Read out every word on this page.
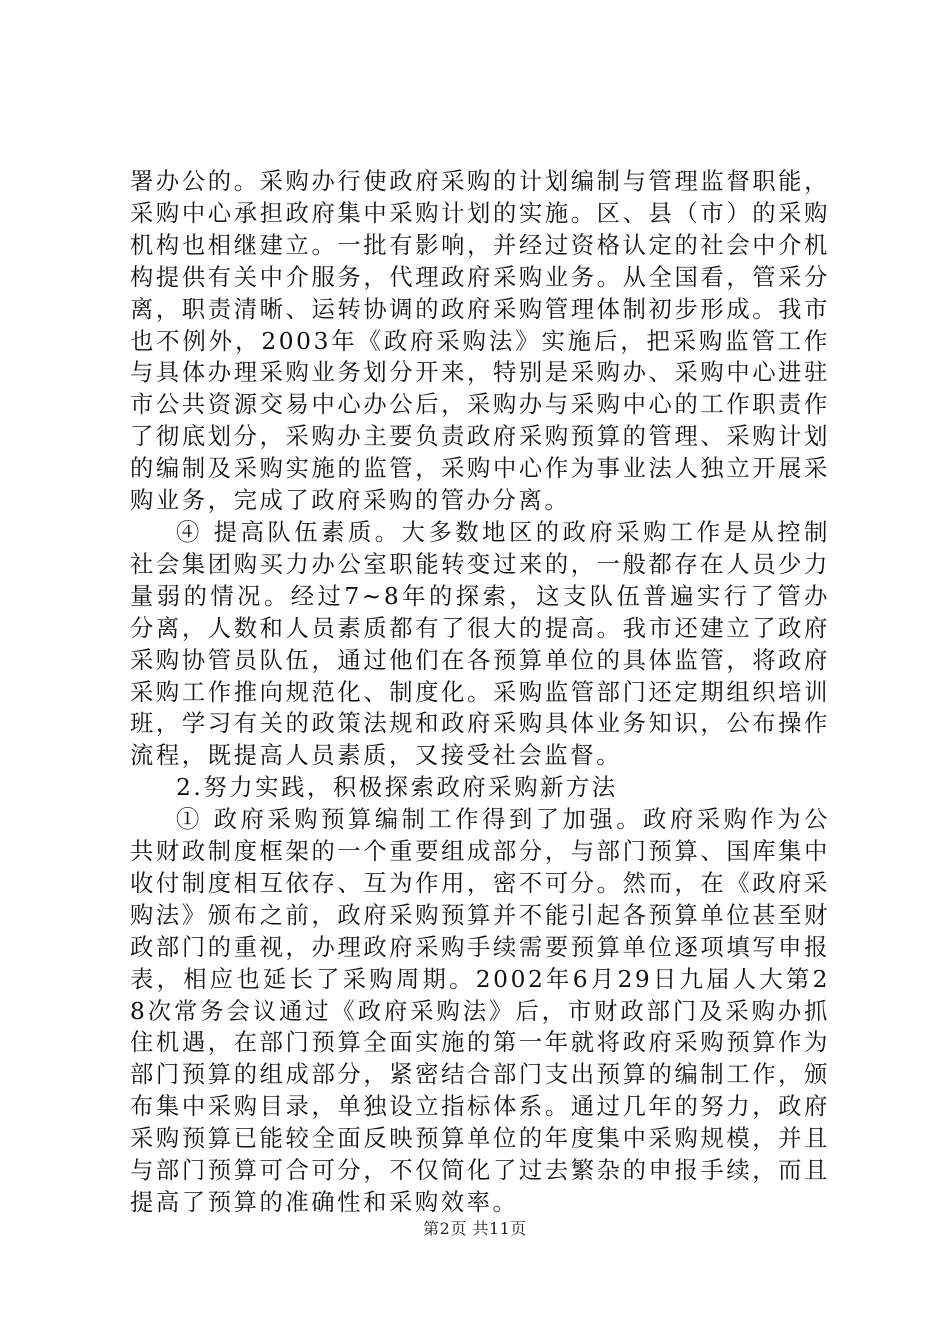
署办公的。采购办行使政府采购的计划编制与管理监督职能，采购中心承担政府集中采购计划的实施。区、县（市）的采购机构也相继建立。一批有影响，并经过资格认定的社会中介机构提供有关中介服务，代理政府采购业务。从全国看，管采分离，职责清晰、运转协调的政府采购管理体制初步形成。我市也不例外，2003年《政府采购法》实施后，把采购监管工作与具体办理采购业务划分开来，特别是采购办、采购中心进驻市公共资源交易中心办公后，采购办与采购中心的工作职责作了彻底划分，采购办主要负责政府采购预算的管理、采购计划的编制及采购实施的监管，采购中心作为事业法人独立开展采购业务，完成了政府采购的管办分离。

④ 提高队伍素质。大多数地区的政府采购工作是从控制社会集团购买力办公室职能转变过来的，一般都存在人员少力量弱的情况。经过7~8年的探索，这支队伍普遍实行了管办分离，人数和人员素质都有了很大的提高。我市还建立了政府采购协管员队伍，通过他们在各预算单位的具体监管，将政府采购工作推向规范化、制度化。采购监管部门还定期组织培训班，学习有关的政策法规和政府采购具体业务知识，公布操作流程，既提高人员素质，又接受社会监督。

2.努力实践，积极探索政府采购新方法

① 政府采购预算编制工作得到了加强。政府采购作为公共财政制度框架的一个重要组成部分，与部门预算、国库集中收付制度相互依存、互为作用，密不可分。然而，在《政府采购法》颁布之前，政府采购预算并不能引起各预算单位甚至财政部门的重视，办理政府采购手续需要预算单位逐项填写申报表，相应也延长了采购周期。2002年6月29日九届人大第28次常务会议通过《政府采购法》后，市财政部门及采购办抓住机遇，在部门预算全面实施的第一年就将政府采购预算作为部门预算的组成部分，紧密结合部门支出预算的编制工作，颁布集中采购目录，单独设立指标体系。通过几年的努力，政府采购预算已能较全面反映预算单位的年度集中采购规模，并且与部门预算可合可分，不仅简化了过去繁杂的申报手续，而且提高了预算的准确性和采购效率。

第2页 共11页
